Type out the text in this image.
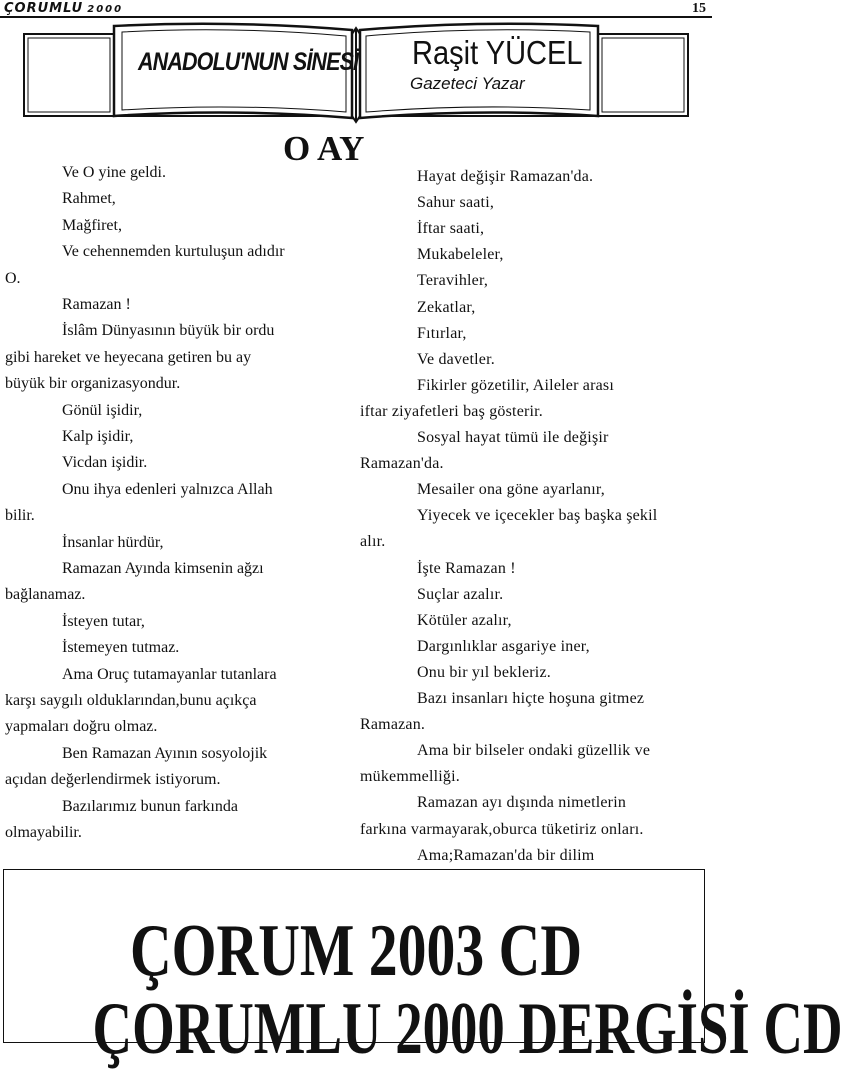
ÇORUMLU 2000	15
ANADOLU'NUN SİNESİ Raşit YÜCEL
Gazeteci Yazar
O AY
Ve O yine geldi.
Rahmet,
Mağfiret,
Ve cehennemden kurtuluşun adıdır
O.
Ramazan !
İslâm Dünyasının büyük bir ordu
gibi hareket ve heyecana getiren bu ay
büyük bir organizasyondur.
Gönül işidir,
Kalp işidir,
Vicdan işidir.
Onu ihya edenleri yalnızca Allah
bilir.
İnsanlar hürdür,
Ramazan Ayında kimsenin ağzı
bağlanamaz.
İsteyen tutar,
İstemeyen tutmaz.
Ama Oruç tutamayanlar tutanlara
karşı saygılı olduklarından,bunu açıkça
yapmaları doğru olmaz.
Ben Ramazan Ayının sosyolojik
açıdan değerlendirmek istiyorum.
Bazılarımız bunun farkında
olmayabilir.
Hayat değişir Ramazan'da.
Sahur saati,
İftar saati,
Mukabeleler,
Teravihler,
Zekatlar,
Fıtırlar,
Ve davetler.
Fikirler gözetilir, Aileler arası
iftar ziyafetleri baş gösterir.
Sosyal hayat tümü ile değişir
Ramazan'da.
Mesailer ona göne ayarlanır,
Yiyecek ve içecekler baş başka şekil
alır.
İşte Ramazan !
Suçlar azalır.
Kötüler azalır,
Dargınlıklar asgariye iner,
Onu bir yıl bekleriz.
Bazı insanları hiçte hoşuna gitmez
Ramazan.
Ama bir bilseler ondaki güzellik ve
mükemmelliği.
Ramazan ayı dışında nimetlerin
farkına varmayarak,oburca tüketiriz onları.
Ama;Ramazan'da bir dilim
ÇORUM 2003 CD
ÇORUMLU 2000 DERGİSİ CD
